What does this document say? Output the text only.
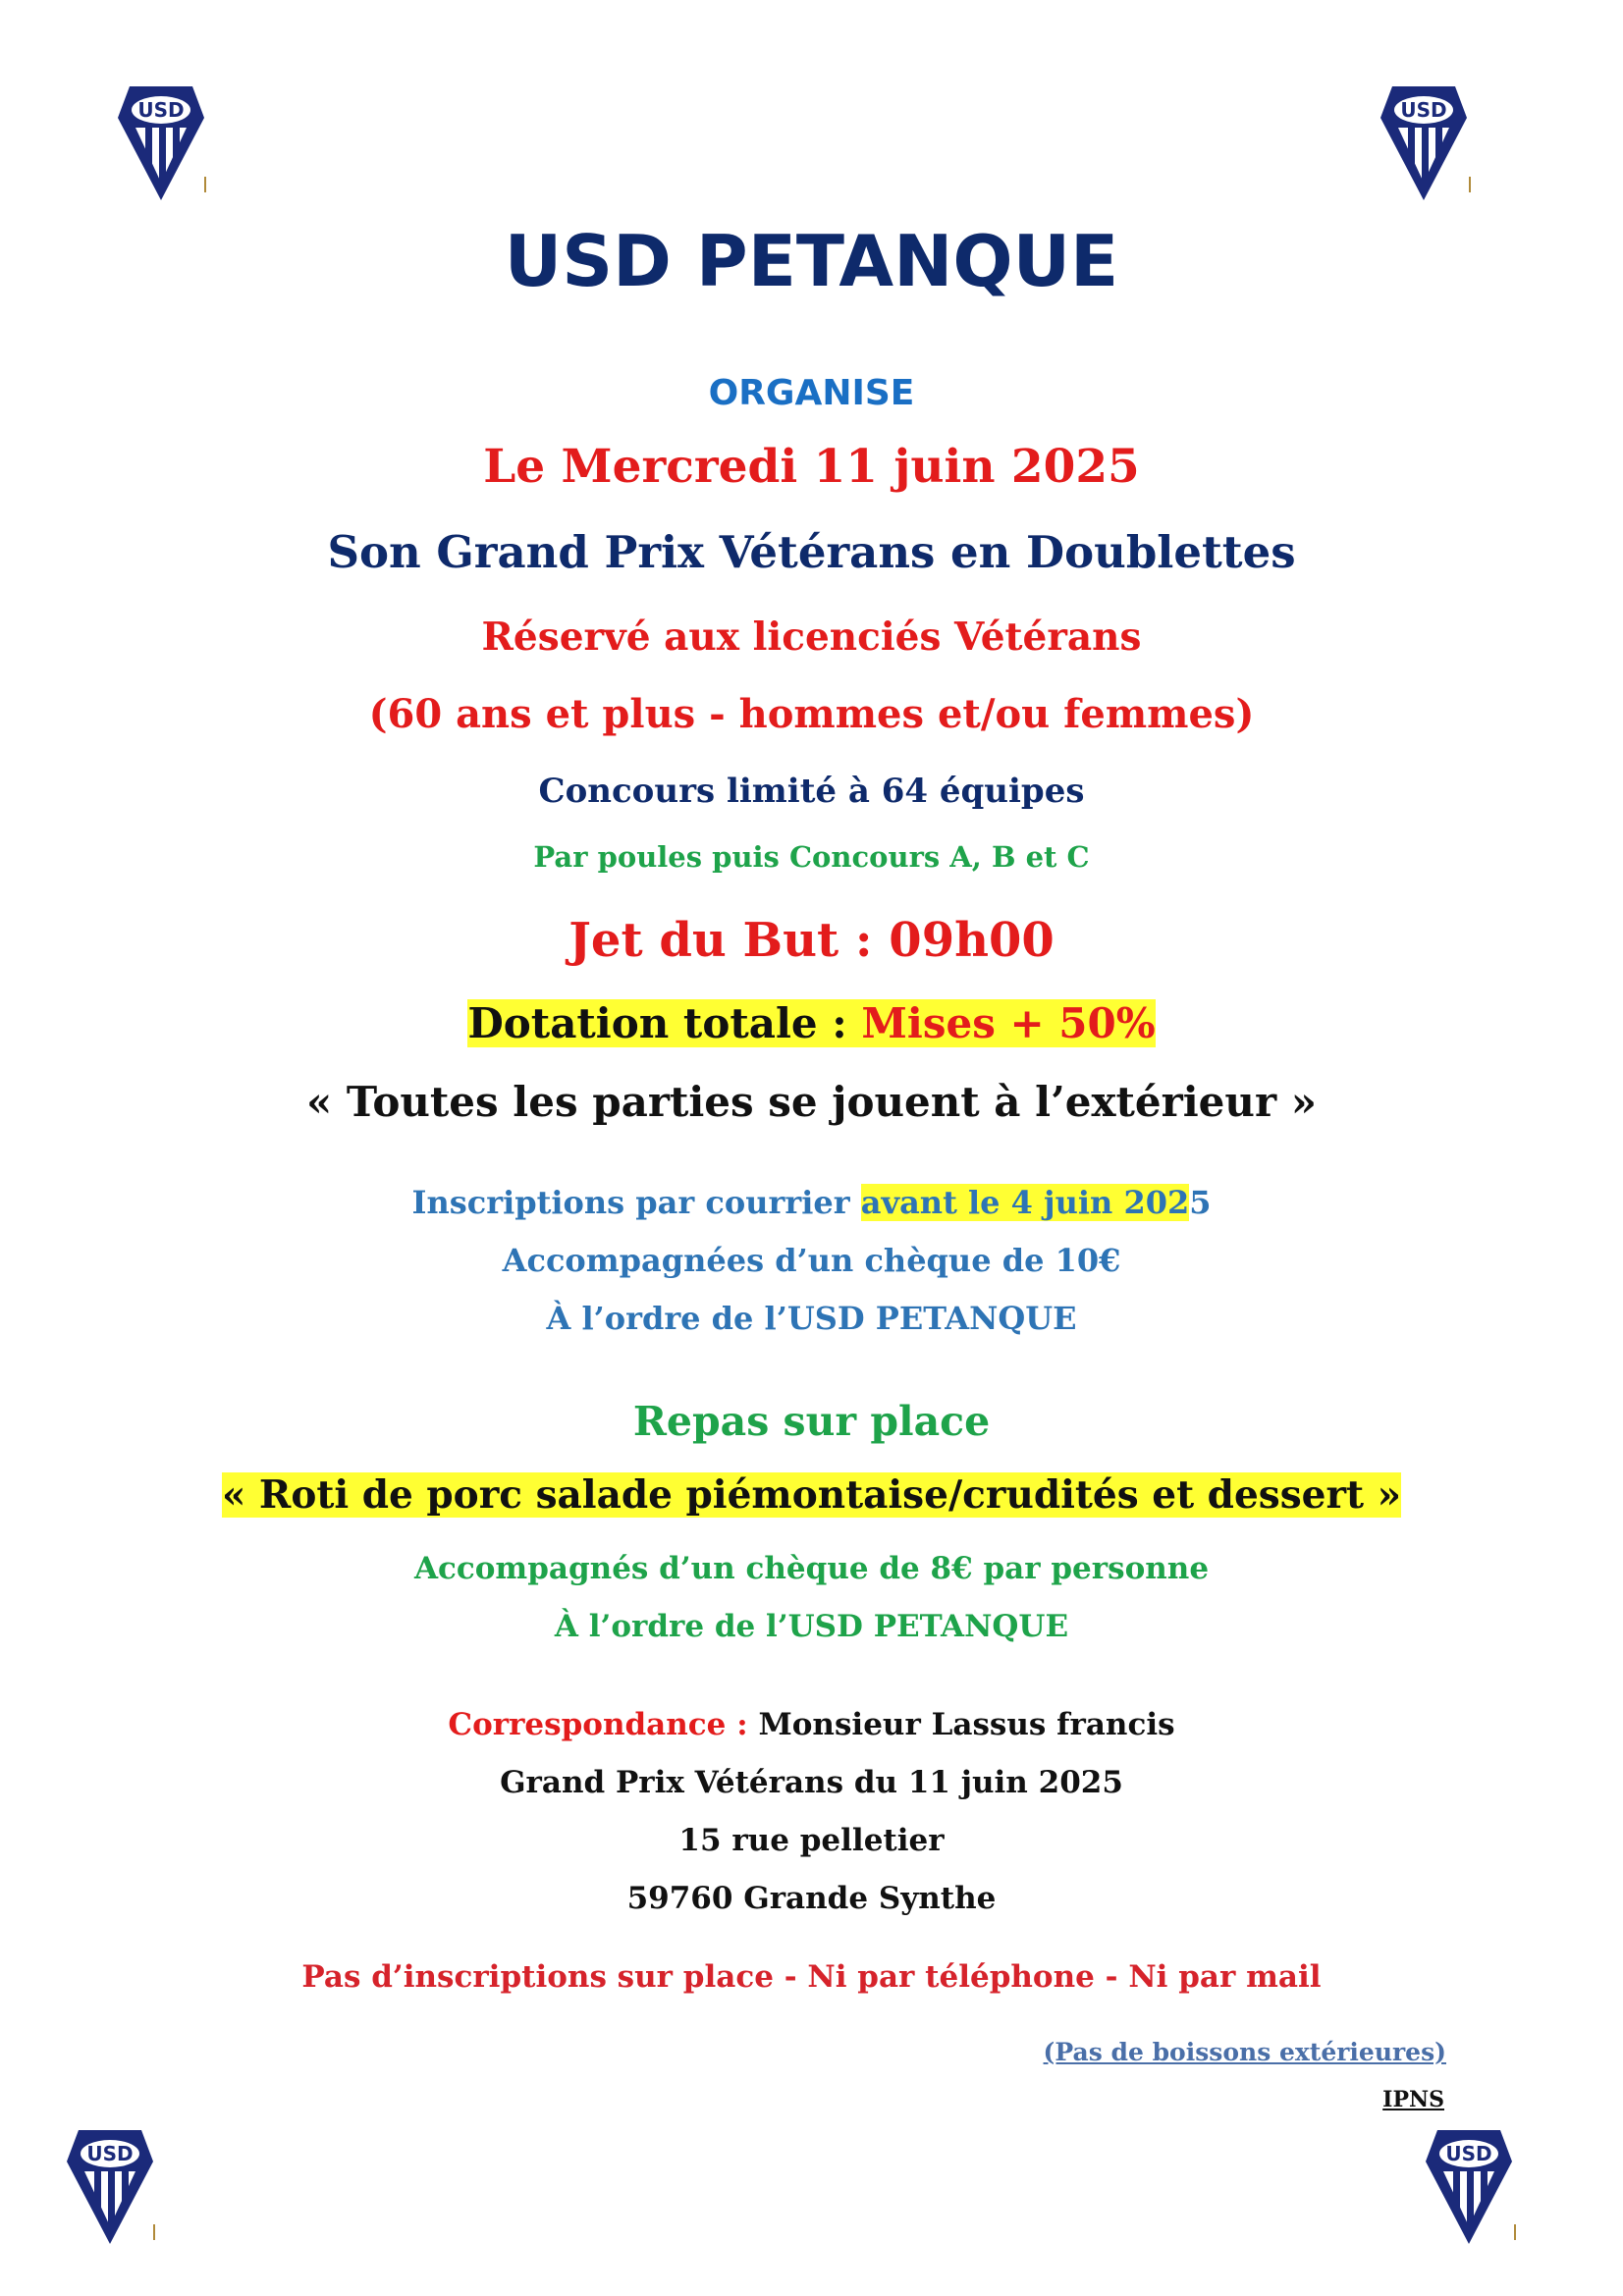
USD	USD
USD	USD
USD PETANQUE
ORGANISE
Le Mercredi 11 juin 2025
Son Grand Prix Vétérans en Doublettes
Réservé aux licenciés Vétérans
(60 ans et plus - hommes et/ou femmes)
Concours limité à 64 équipes
Par poules puis Concours A, B et C
Jet du But : 09h00
Dotation totale : Mises + 50%
« Toutes les parties se jouent à l’extérieur »
Inscriptions par courrier avant le 4 juin 2025
Accompagnées d’un chèque de 10€
À l’ordre de l’USD PETANQUE
Repas sur place
« Roti de porc salade piémontaise/crudités et dessert »
Accompagnés d’un chèque de 8€ par personne
À l’ordre de l’USD PETANQUE
Correspondance : Monsieur Lassus francis
Grand Prix Vétérans du 11 juin 2025
15 rue pelletier
59760 Grande Synthe
Pas d’inscriptions sur place - Ni par téléphone - Ni par mail
(Pas de boissons extérieures)
IPNS
